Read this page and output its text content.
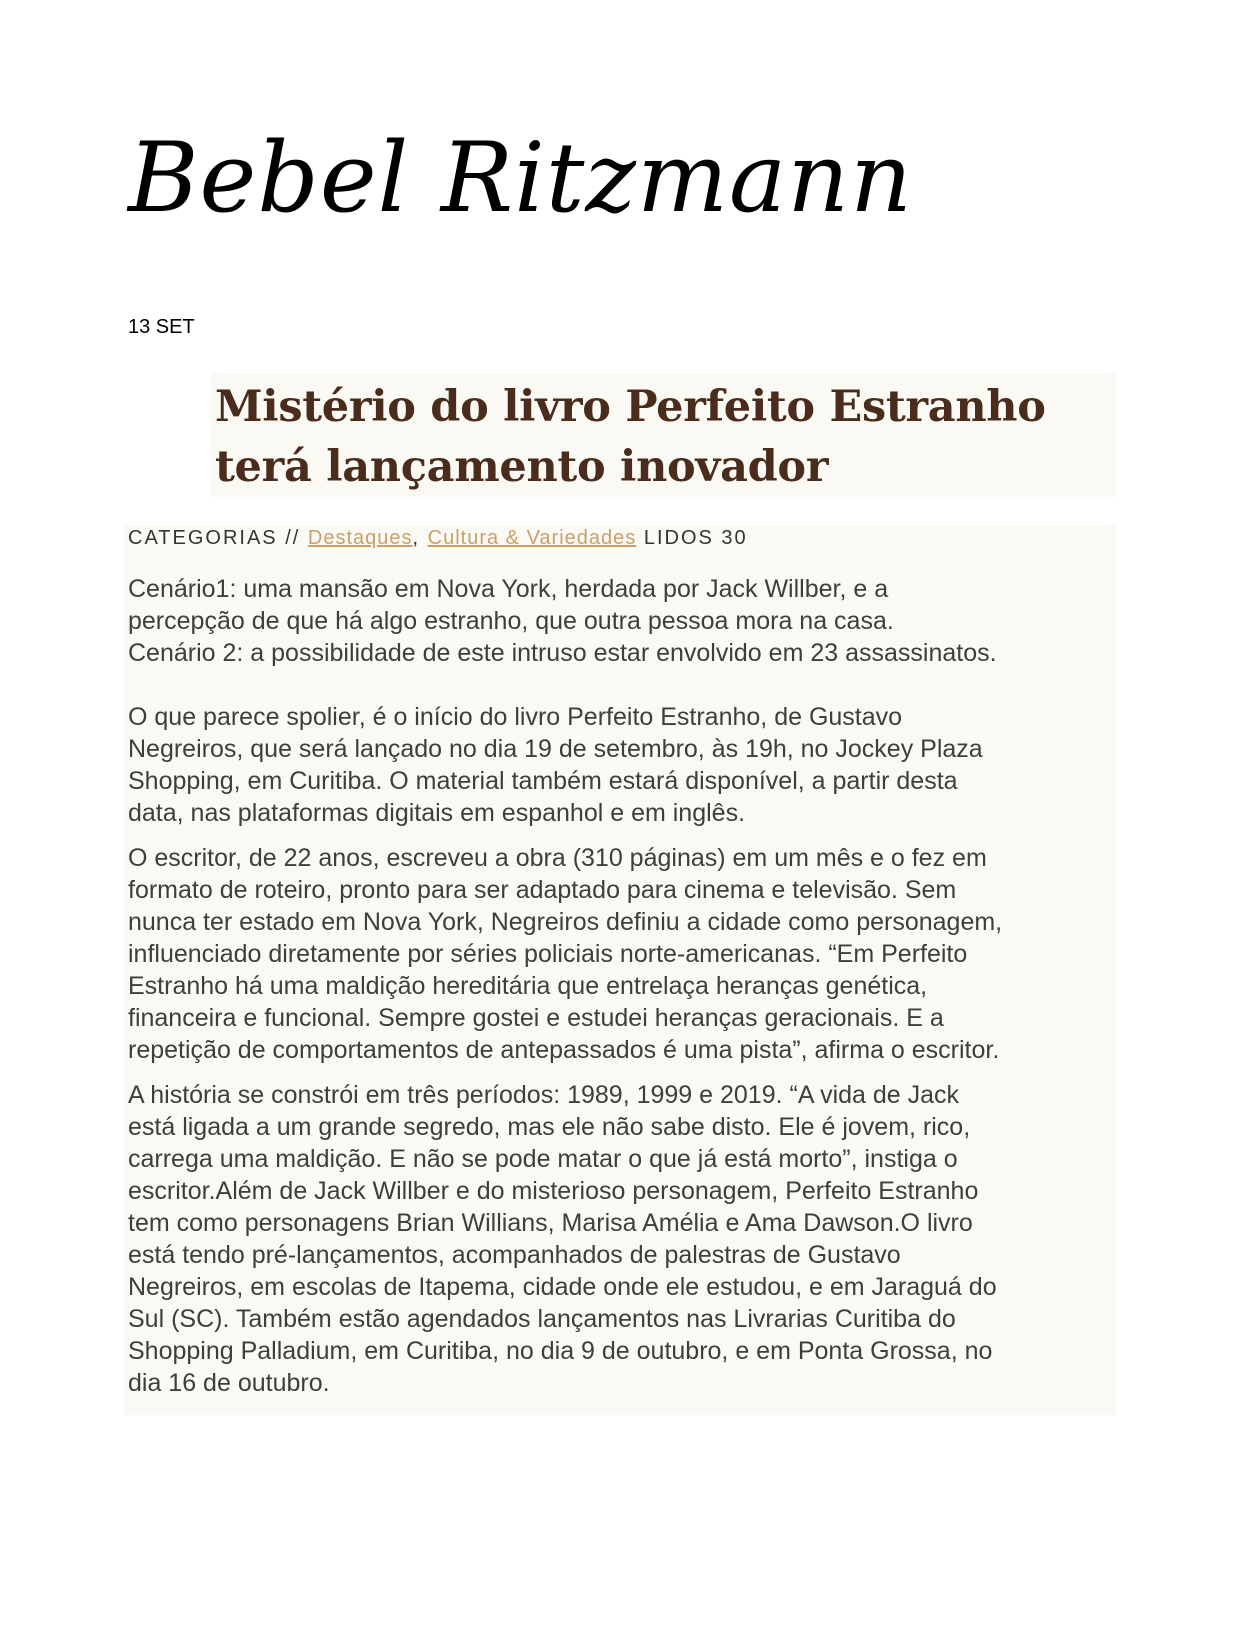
Bebel Ritzmann
13 SET
Mistério do livro Perfeito Estranho
terá lançamento inovador
CATEGORIAS // Destaques, Cultura & Variedades LIDOS 30

Cenário1: uma mansão em Nova York, herdada por Jack Willber, e a
percepção de que há algo estranho, que outra pessoa mora na casa.
Cenário 2: a possibilidade de este intruso estar envolvido em 23 assassinatos.

O que parece spolier, é o início do livro Perfeito Estranho, de Gustavo
Negreiros, que será lançado no dia 19 de setembro, às 19h, no Jockey Plaza
Shopping, em Curitiba. O material também estará disponível, a partir desta
data, nas plataformas digitais em espanhol e em inglês.

O escritor, de 22 anos, escreveu a obra (310 páginas) em um mês e o fez em
formato de roteiro, pronto para ser adaptado para cinema e televisão. Sem
nunca ter estado em Nova York, Negreiros definiu a cidade como personagem,
influenciado diretamente por séries policiais norte-americanas. “Em Perfeito
Estranho há uma maldição hereditária que entrelaça heranças genética,
financeira e funcional. Sempre gostei e estudei heranças geracionais. E a
repetição de comportamentos de antepassados é uma pista”, afirma o escritor.

A história se constrói em três períodos: 1989, 1999 e 2019. “A vida de Jack
está ligada a um grande segredo, mas ele não sabe disto. Ele é jovem, rico,
carrega uma maldição. E não se pode matar o que já está morto”, instiga o
escritor.Além de Jack Willber e do misterioso personagem, Perfeito Estranho
tem como personagens Brian Willians, Marisa Amélia e Ama Dawson.O livro
está tendo pré-lançamentos, acompanhados de palestras de Gustavo
Negreiros, em escolas de Itapema, cidade onde ele estudou, e em Jaraguá do
Sul (SC). Também estão agendados lançamentos nas Livrarias Curitiba do
Shopping Palladium, em Curitiba, no dia 9 de outubro, e em Ponta Grossa, no
dia 16 de outubro.
